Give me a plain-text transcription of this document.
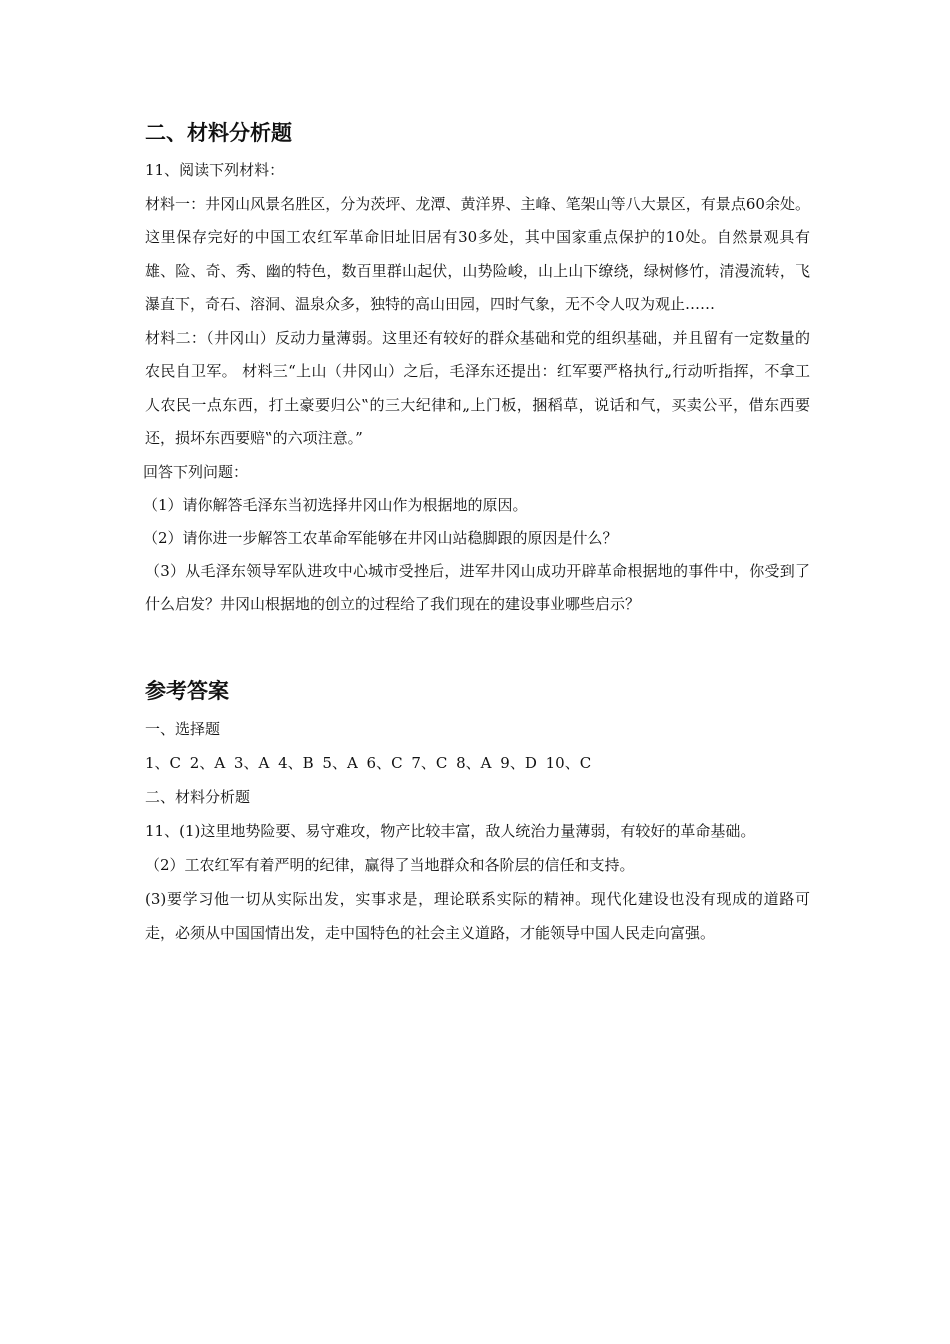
二、材料分析题

11、阅读下列材料：

材料一：井冈山风景名胜区，分为茨坪、龙潭、黄洋界、主峰、笔架山等八大景区，有景点60余处。这里保存完好的中国工农红军革命旧址旧居有30多处，其中国家重点保护的10处。自然景观具有雄、险、奇、秀、幽的特色，数百里群山起伏，山势险峻，山上山下缭绕，绿树修竹，清漫流转，飞瀑直下，奇石、溶洞、温泉众多，独特的高山田园，四时气象，无不令人叹为观止……

材料二：（井冈山）反动力量薄弱。这里还有较好的群众基础和党的组织基础，并且留有一定数量的农民自卫军。 材料三“上山（井冈山）之后，毛泽东还提出：红军要严格执行„行动听指挥，不拿工人农民一点东西，打土豪要归公‟的三大纪律和„上门板，捆稻草，说话和气，买卖公平，借东西要还，损坏东西要赔‟的六项注意。”

回答下列问题：

（1）请你解答毛泽东当初选择井冈山作为根据地的原因。

（2）请你进一步解答工农革命军能够在井冈山站稳脚跟的原因是什么？

（3）从毛泽东领导军队进攻中心城市受挫后，进军井冈山成功开辟革命根据地的事件中，你受到了什么启发？井冈山根据地的创立的过程给了我们现在的建设事业哪些启示？

参考答案

一、选择题

1、C 2、A 3、A 4、B 5、A 6、C 7、C 8、A 9、D 10、C

二、材料分析题

11、(1)这里地势险要、易守难攻，物产比较丰富，敌人统治力量薄弱，有较好的革命基础。

（2）工农红军有着严明的纪律，赢得了当地群众和各阶层的信任和支持。

(3)要学习他一切从实际出发，实事求是，理论联系实际的精神。现代化建设也没有现成的道路可走，必须从中国国情出发，走中国特色的社会主义道路，才能领导中国人民走向富强。
